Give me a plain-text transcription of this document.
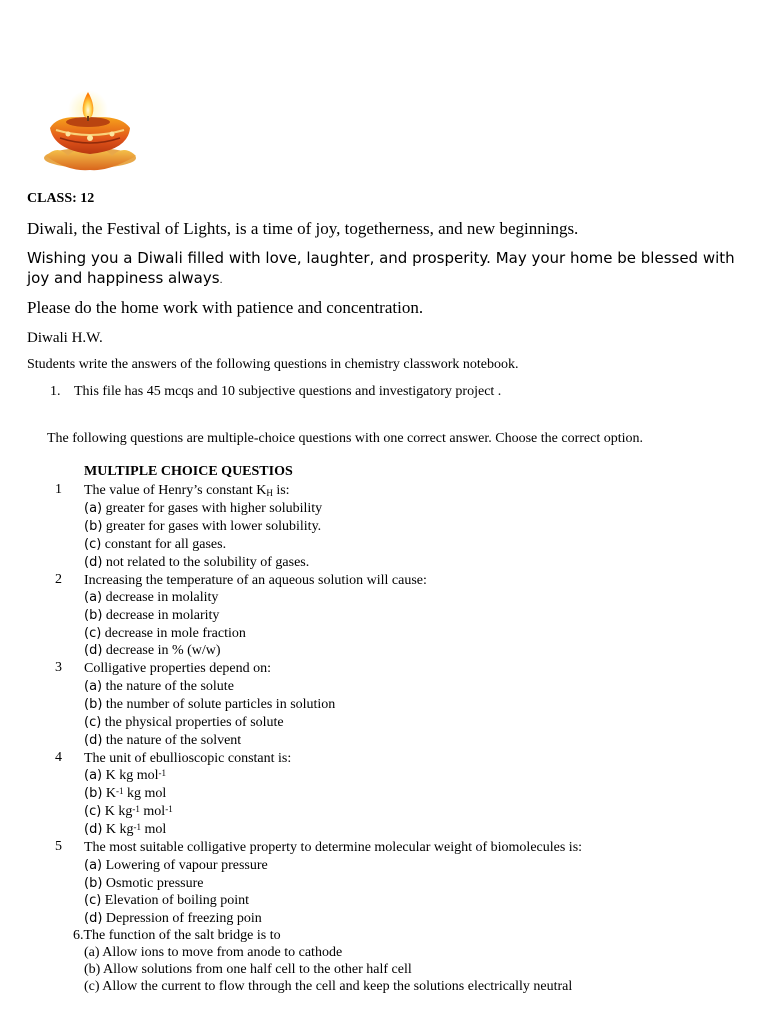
CLASS: 12
Diwali, the Festival of Lights, is a time of joy, togetherness, and new beginnings.
Wishing you a Diwali filled with love, laughter, and prosperity. May your home be blessed with joy and happiness always.
Please do the home work with patience and concentration.
Diwali H.W.
Students write the answers of the following questions in chemistry classwork notebook.
1. This file has 45 mcqs and 10 subjective questions and investigatory project .
The following questions are multiple-choice questions with one correct answer. Choose the correct option.
MULTIPLE CHOICE QUESTIOS
1 The value of Henry’s constant $K_H$ is:
(a) greater for gases with higher solubility
(b) greater for gases with lower solubility.
(c) constant for all gases.
(d) not related to the solubility of gases.
2 Increasing the temperature of an aqueous solution will cause:
(a) decrease in molality
(b) decrease in molarity
(c) decrease in mole fraction
(d) decrease in % (w/w)
3 Colligative properties depend on:
(a) the nature of the solute
(b) the number of solute particles in solution
(c) the physical properties of solute
(d) the nature of the solvent
4 The unit of ebullioscopic constant is:
(a) K kg mol$^{-1}$
(b) $K^{-1}$ kg mol
(c) K $kg^{-1}$ mol$^{-1}$
(d) K $kg^{-1}$ mol
5 The most suitable colligative property to determine molecular weight of biomolecules is:
(a) Lowering of vapour pressure
(b) Osmotic pressure
(c) Elevation of boiling point
(d) Depression of freezing poin
6.The function of the salt bridge is to
(a) Allow ions to move from anode to cathode
(b) Allow solutions from one half cell to the other half cell
(c) Allow the current to flow through the cell and keep the solutions electrically neutral
